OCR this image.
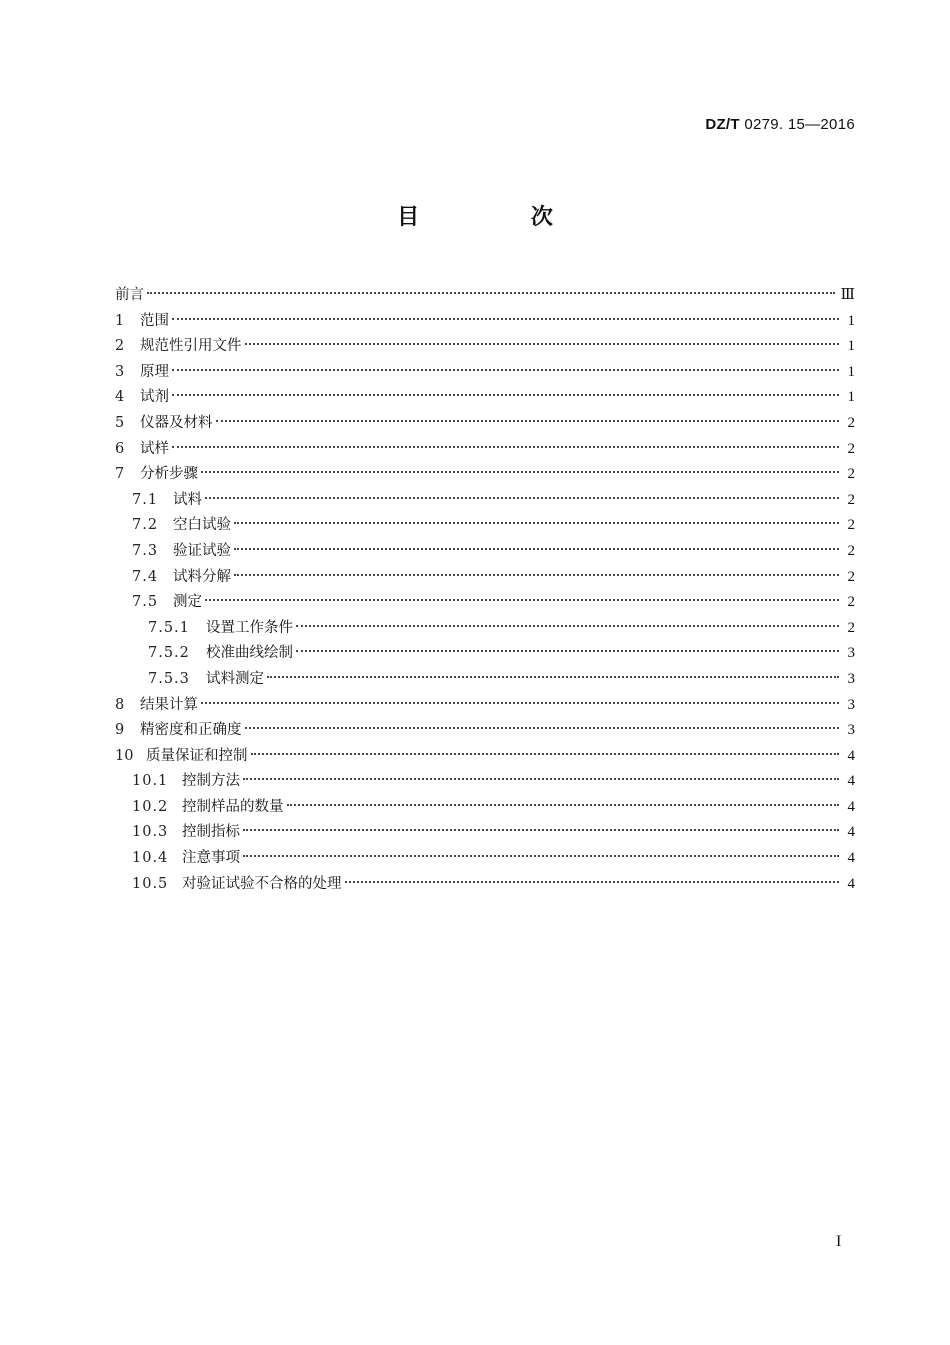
DZ/T 0279. 15—2016
目 次
前言	Ⅲ
1	范围	1
2	规范性引用文件	1
3	原理	1
4	试剂	1
5	仪器及材料	2
6	试样	2
7	分析步骤	2
7.1	试料	2
7.2	空白试验	2
7.3	验证试验	2
7.4	试料分解	2
7.5	测定	2
7.5.1	设置工作条件	2
7.5.2	校准曲线绘制	3
7.5.3	试料测定	3
8	结果计算	3
9	精密度和正确度	3
10 质量保证和控制	4
10.1 控制方法	4
10.2 控制样品的数量	4
10.3 控制指标	4
10.4 注意事项	4
10.5 对验证试验不合格的处理	4
I
